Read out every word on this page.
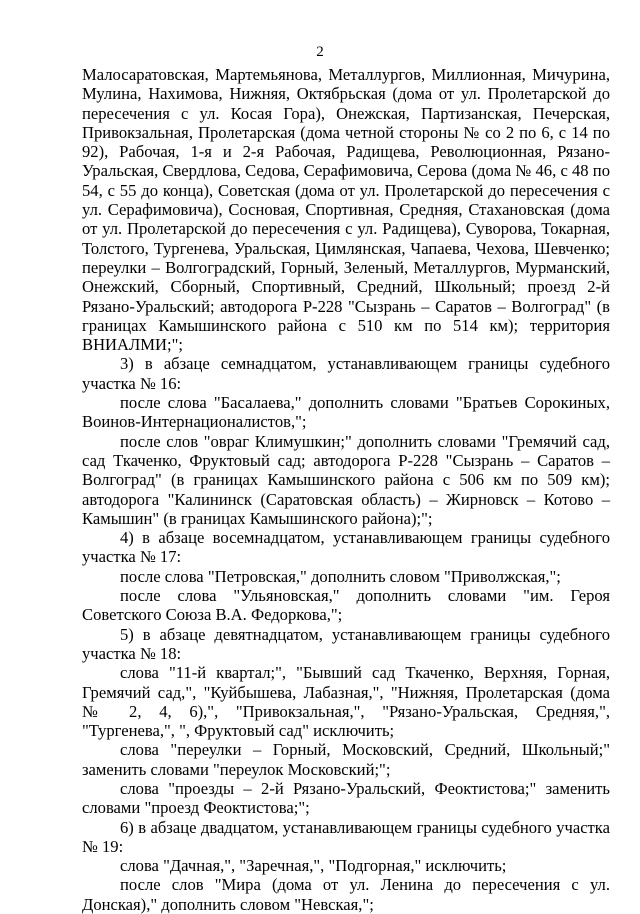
2

Малосаратовская, Мартемьянова, Металлургов, Миллионная, Мичурина, Мулина, Нахимова, Нижняя, Октябрьская (дома от ул. Пролетарской до пересечения с ул. Косая Гора), Онежская, Партизанская, Печерская, Привокзальная, Пролетарская (дома четной стороны № со 2 по 6, с 14 по 92), Рабочая, 1-я и 2-я Рабочая, Радищева, Революционная, Рязано-Уральская, Свердлова, Седова, Серафимовича, Серова (дома № 46, с 48 по 54, с 55 до конца), Советская (дома от ул. Пролетарской до пересечения с ул. Серафимовича), Сосновая, Спортивная, Средняя, Стахановская (дома от ул. Пролетарской до пересечения с ул. Радищева), Суворова, Токарная, Толстого, Тургенева, Уральская, Цимлянская, Чапаева, Чехова, Шевченко; переулки – Волгоградский, Горный, Зеленый, Металлургов, Мурманский, Онежский, Сборный, Спортивный, Средний, Школьный; проезд 2-й Рязано-Уральский; автодорога Р-228 "Сызрань – Саратов – Волгоград" (в границах Камышинского района с 510 км по 514 км); территория ВНИАЛМИ;";

3) в абзаце семнадцатом, устанавливающем границы судебного участка № 16:

после слова "Басалаева," дополнить словами "Братьев Сорокиных, Воинов-Интернационалистов,";

после слов "овраг Климушкин;" дополнить словами "Гремячий сад, сад Ткаченко, Фруктовый сад; автодорога Р-228 "Сызрань – Саратов – Волгоград" (в границах Камышинского района с 506 км по 509 км); автодорога "Калининск (Саратовская область) – Жирновск – Котово – Камышин" (в границах Камышинского района);";

4) в абзаце восемнадцатом, устанавливающем границы судебного участка № 17:

после слова "Петровская," дополнить словом "Приволжская,";

после слова "Ульяновская," дополнить словами "им. Героя Советского Союза В.А. Федоркова,";

5) в абзаце девятнадцатом, устанавливающем границы судебного участка № 18:

слова "11-й квартал;", "Бывший сад Ткаченко, Верхняя, Горная, Гремячий сад,", "Куйбышева, Лабазная,", "Нижняя, Пролетарская (дома № 2, 4, 6),", "Привокзальная,", "Рязано-Уральская, Средняя,", "Тургенева,", ", Фруктовый сад" исключить;

слова "переулки – Горный, Московский, Средний, Школьный;" заменить словами "переулок Московский;";

слова "проезды – 2-й Рязано-Уральский, Феоктистова;" заменить словами "проезд Феоктистова;";

6) в абзаце двадцатом, устанавливающем границы судебного участка № 19:

слова "Дачная,", "Заречная,", "Подгорная," исключить;

после слов "Мира (дома от ул. Ленина до пересечения с ул. Донская)," дополнить словом "Невская,";
